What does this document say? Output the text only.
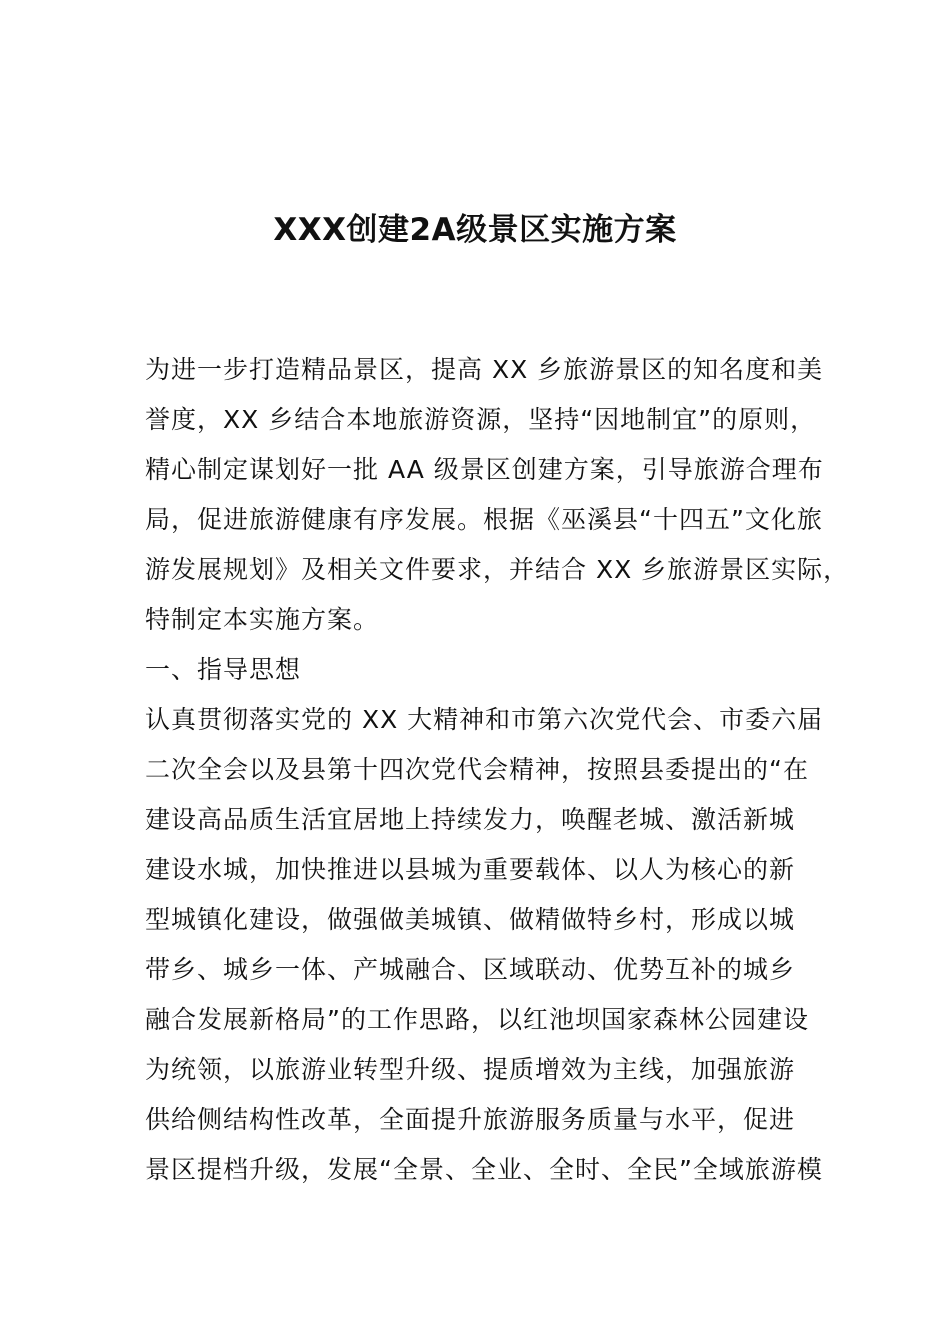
XXX创建2A级景区实施方案
为进一步打造精品景区，提高 XX 乡旅游景区的知名度和美
誉度，XX 乡结合本地旅游资源，坚持“因地制宜”的原则，
精心制定谋划好一批 AA 级景区创建方案，引导旅游合理布
局，促进旅游健康有序发展。根据《巫溪县“十四五”文化旅
游发展规划》及相关文件要求，并结合 XX 乡旅游景区实际，
特制定本实施方案。
一、指导思想
认真贯彻落实党的 XX 大精神和市第六次党代会、市委六届
二次全会以及县第十四次党代会精神，按照县委提出的“在
建设高品质生活宜居地上持续发力，唤醒老城、激活新城
建设水城，加快推进以县城为重要载体、以人为核心的新
型城镇化建设，做强做美城镇、做精做特乡村，形成以城
带乡、城乡一体、产城融合、区域联动、优势互补的城乡
融合发展新格局”的工作思路，以红池坝国家森林公园建设
为统领，以旅游业转型升级、提质增效为主线，加强旅游
供给侧结构性改革，全面提升旅游服务质量与水平，促进
景区提档升级，发展“全景、全业、全时、全民”全域旅游模
